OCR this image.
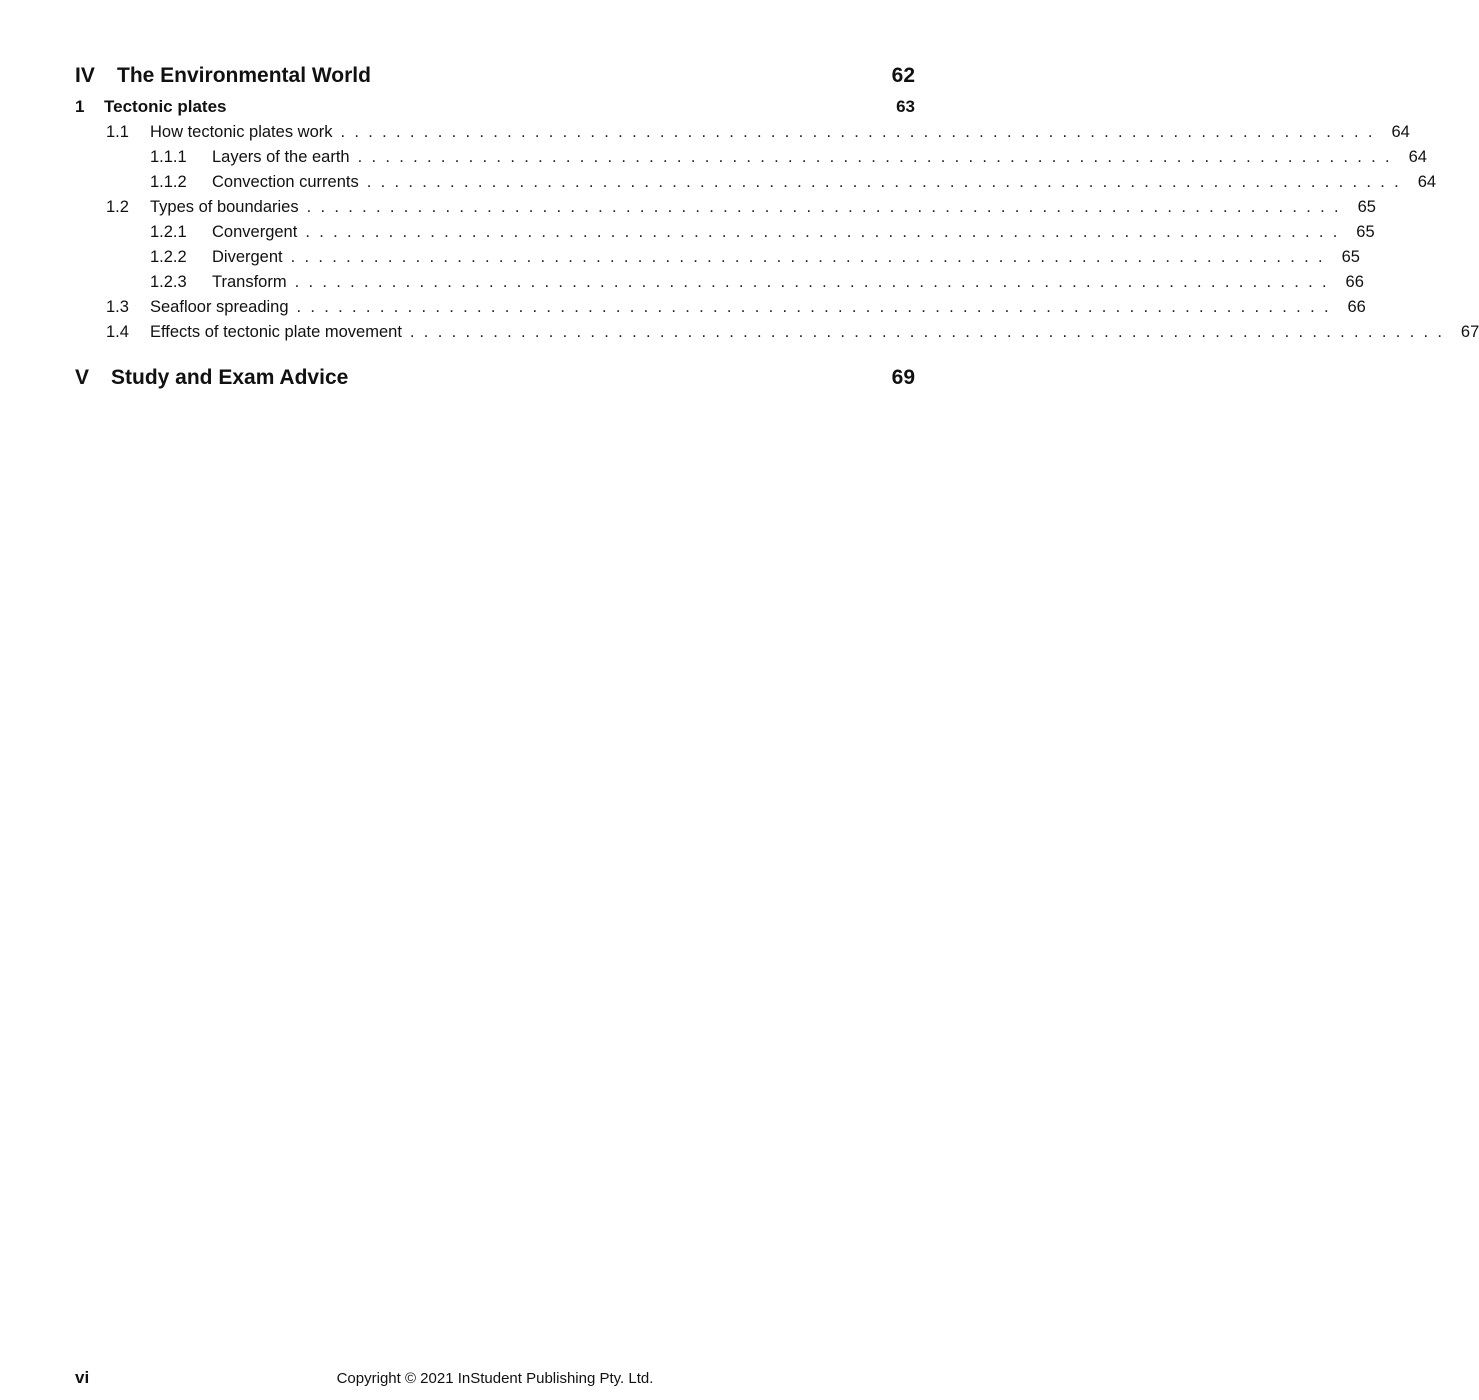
IV	The Environmental World	62
1	Tectonic plates	63
1.1	How tectonic plates work ........................................................................... 64
1.1.1	Layers of the earth ........................................................................... 64
1.1.2	Convection currents ........................................................................... 64
1.2	Types of boundaries ........................................................................... 65
1.2.1	Convergent ........................................................................... 65
1.2.2	Divergent ........................................................................... 65
1.2.3	Transform ........................................................................... 66
1.3	Seafloor spreading ........................................................................... 66
1.4	Effects of tectonic plate movement ........................................................................... 67
V	Study and Exam Advice	69
vi	Copyright © 2021 InStudent Publishing Pty. Ltd.
